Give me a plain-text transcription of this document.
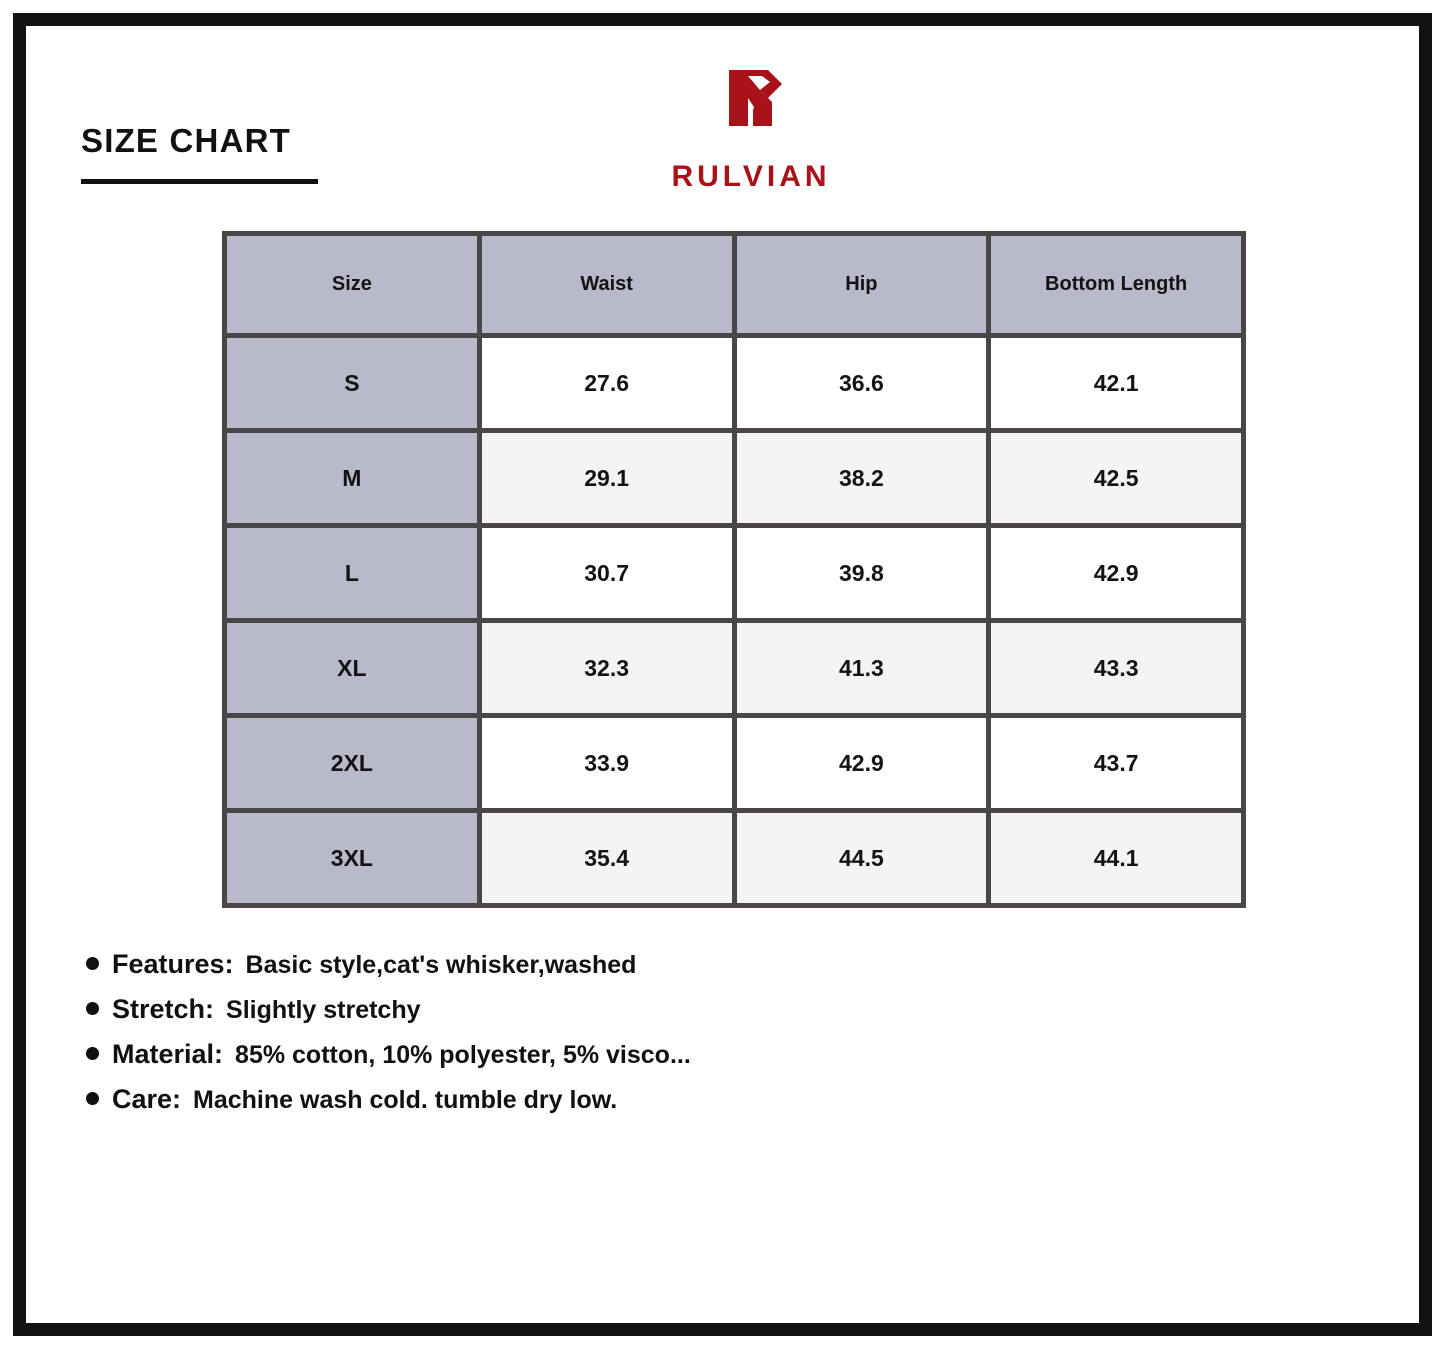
SIZE CHART
RULVIAN
Size	Waist	Hip	Bottom Length
S	27.6	36.6	42.1
M	29.1	38.2	42.5
L	30.7	39.8	42.9
XL	32.3	41.3	43.3
2XL	33.9	42.9	43.7
3XL	35.4	44.5	44.1
Features: Basic style,cat's whisker,washed
Stretch: Slightly stretchy
Material: 85% cotton, 10% polyester, 5% visco...
Care: Machine wash cold. tumble dry low.
